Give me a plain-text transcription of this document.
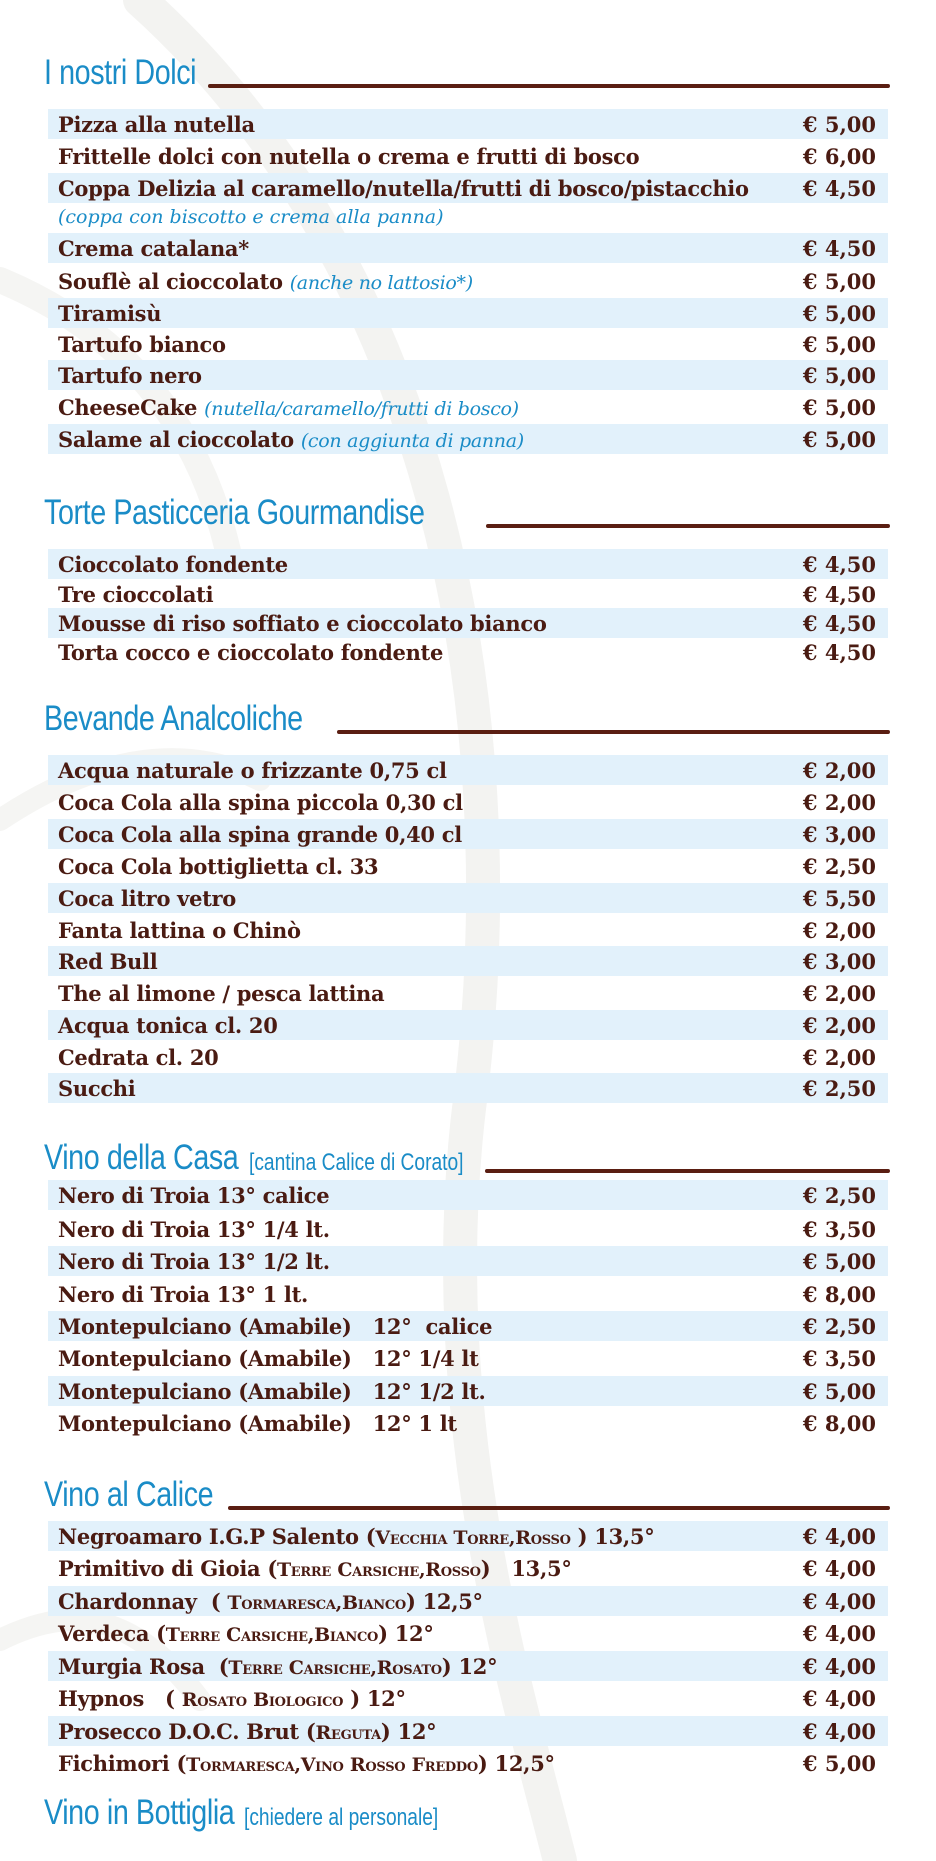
I nostri Dolci
Pizza alla nutella	€ 5,00
Frittelle dolci con nutella o crema e frutti di bosco	€ 6,00
Coppa Delizia al caramello/nutella/frutti di bosco/pistacchio	€ 4,50
(coppa con biscotto e crema alla panna)
Crema catalana*	€ 4,50
Souflè al cioccolato (anche no lattosio*)	€ 5,00
Tiramisù	€ 5,00
Tartufo bianco	€ 5,00
Tartufo nero	€ 5,00
CheeseCake (nutella/caramello/frutti di bosco)	€ 5,00
Salame al cioccolato (con aggiunta di panna)	€ 5,00
Torte Pasticceria Gourmandise
Cioccolato fondente	€ 4,50
Tre cioccolati	€ 4,50
Mousse di riso soffiato e cioccolato bianco	€ 4,50
Torta cocco e cioccolato fondente	€ 4,50
Bevande Analcoliche
Acqua naturale o frizzante 0,75 cl	€ 2,00
Coca Cola alla spina piccola 0,30 cl	€ 2,00
Coca Cola alla spina grande 0,40 cl	€ 3,00
Coca Cola bottiglietta cl. 33	€ 2,50
Coca litro vetro	€ 5,50
Fanta lattina o Chinò	€ 2,00
Red Bull	€ 3,00
The al limone / pesca lattina	€ 2,00
Acqua tonica cl. 20	€ 2,00
Cedrata cl. 20	€ 2,00
Succhi	€ 2,50
Vino della Casa [cantina Calice di Corato]
Nero di Troia 13° calice	€ 2,50
Nero di Troia 13° 1/4 lt.	€ 3,50
Nero di Troia 13° 1/2 lt.	€ 5,00
Nero di Troia 13° 1 lt.	€ 8,00
Montepulciano (Amabile)   12°  calice	€ 2,50
Montepulciano (Amabile)   12° 1/4 lt	€ 3,50
Montepulciano (Amabile)   12° 1/2 lt.	€ 5,00
Montepulciano (Amabile)   12° 1 lt	€ 8,00
Vino al Calice
Negroamaro I.G.P Salento (Vecchia Torre,Rosso ) 13,5°	€ 4,00
Primitivo di Gioia (Terre Carsiche,Rosso)   13,5°	€ 4,00
Chardonnay  ( Tormaresca,Bianco) 12,5°	€ 4,00
Verdeca (Terre Carsiche,Bianco) 12°	€ 4,00
Murgia Rosa  (Terre Carsiche,Rosato) 12°	€ 4,00
Hypnos   ( Rosato Biologico ) 12°	€ 4,00
Prosecco D.O.C. Brut (Reguta) 12°	€ 4,00
Fichimori (Tormaresca,Vino Rosso Freddo) 12,5°	€ 5,00
Vino in Bottiglia [chiedere al personale]
